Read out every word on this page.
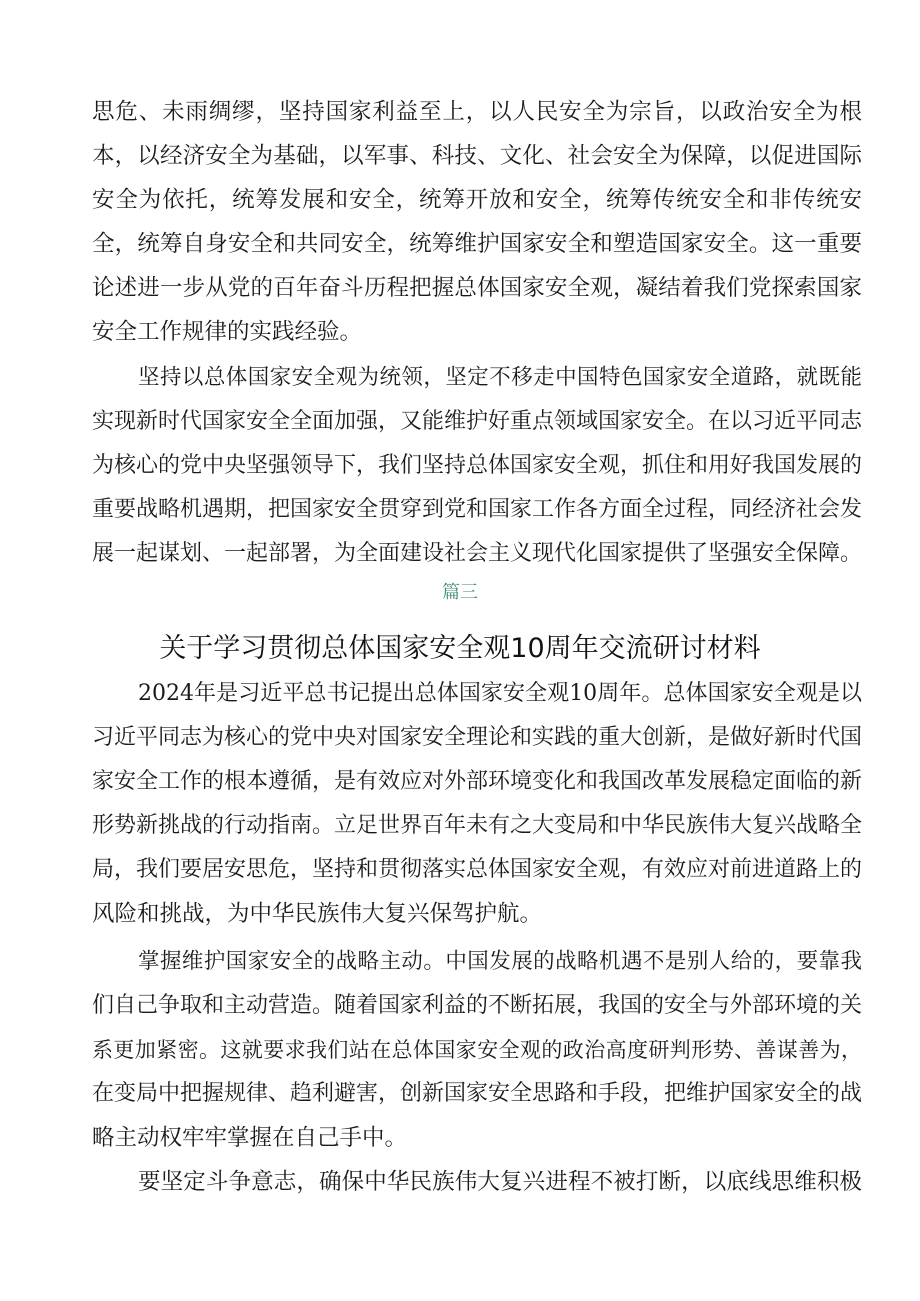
思危、未雨绸缪，坚持国家利益至上，以人民安全为宗旨，以政治安全为根
本，以经济安全为基础，以军事、科技、文化、社会安全为保障，以促进国际
安全为依托，统筹发展和安全，统筹开放和安全，统筹传统安全和非传统安
全，统筹自身安全和共同安全，统筹维护国家安全和塑造国家安全。这一重要
论述进一步从党的百年奋斗历程把握总体国家安全观，凝结着我们党探索国家
安全工作规律的实践经验。
坚持以总体国家安全观为统领，坚定不移走中国特色国家安全道路，就既能
实现新时代国家安全全面加强，又能维护好重点领域国家安全。在以习近平同志
为核心的党中央坚强领导下，我们坚持总体国家安全观，抓住和用好我国发展的
重要战略机遇期，把国家安全贯穿到党和国家工作各方面全过程，同经济社会发
展一起谋划、一起部署，为全面建设社会主义现代化国家提供了坚强安全保障。
篇三
关于学习贯彻总体国家安全观10周年交流研讨材料
2024年是习近平总书记提出总体国家安全观10周年。总体国家安全观是以
习近平同志为核心的党中央对国家安全理论和实践的重大创新，是做好新时代国
家安全工作的根本遵循，是有效应对外部环境变化和我国改革发展稳定面临的新
形势新挑战的行动指南。立足世界百年未有之大变局和中华民族伟大复兴战略全
局，我们要居安思危，坚持和贯彻落实总体国家安全观，有效应对前进道路上的
风险和挑战，为中华民族伟大复兴保驾护航。
掌握维护国家安全的战略主动。中国发展的战略机遇不是别人给的，要靠我
们自己争取和主动营造。随着国家利益的不断拓展，我国的安全与外部环境的关
系更加紧密。这就要求我们站在总体国家安全观的政治高度研判形势、善谋善为，
在变局中把握规律、趋利避害，创新国家安全思路和手段，把维护国家安全的战
略主动权牢牢掌握在自己手中。
要坚定斗争意志，确保中华民族伟大复兴进程不被打断，以底线思维积极
